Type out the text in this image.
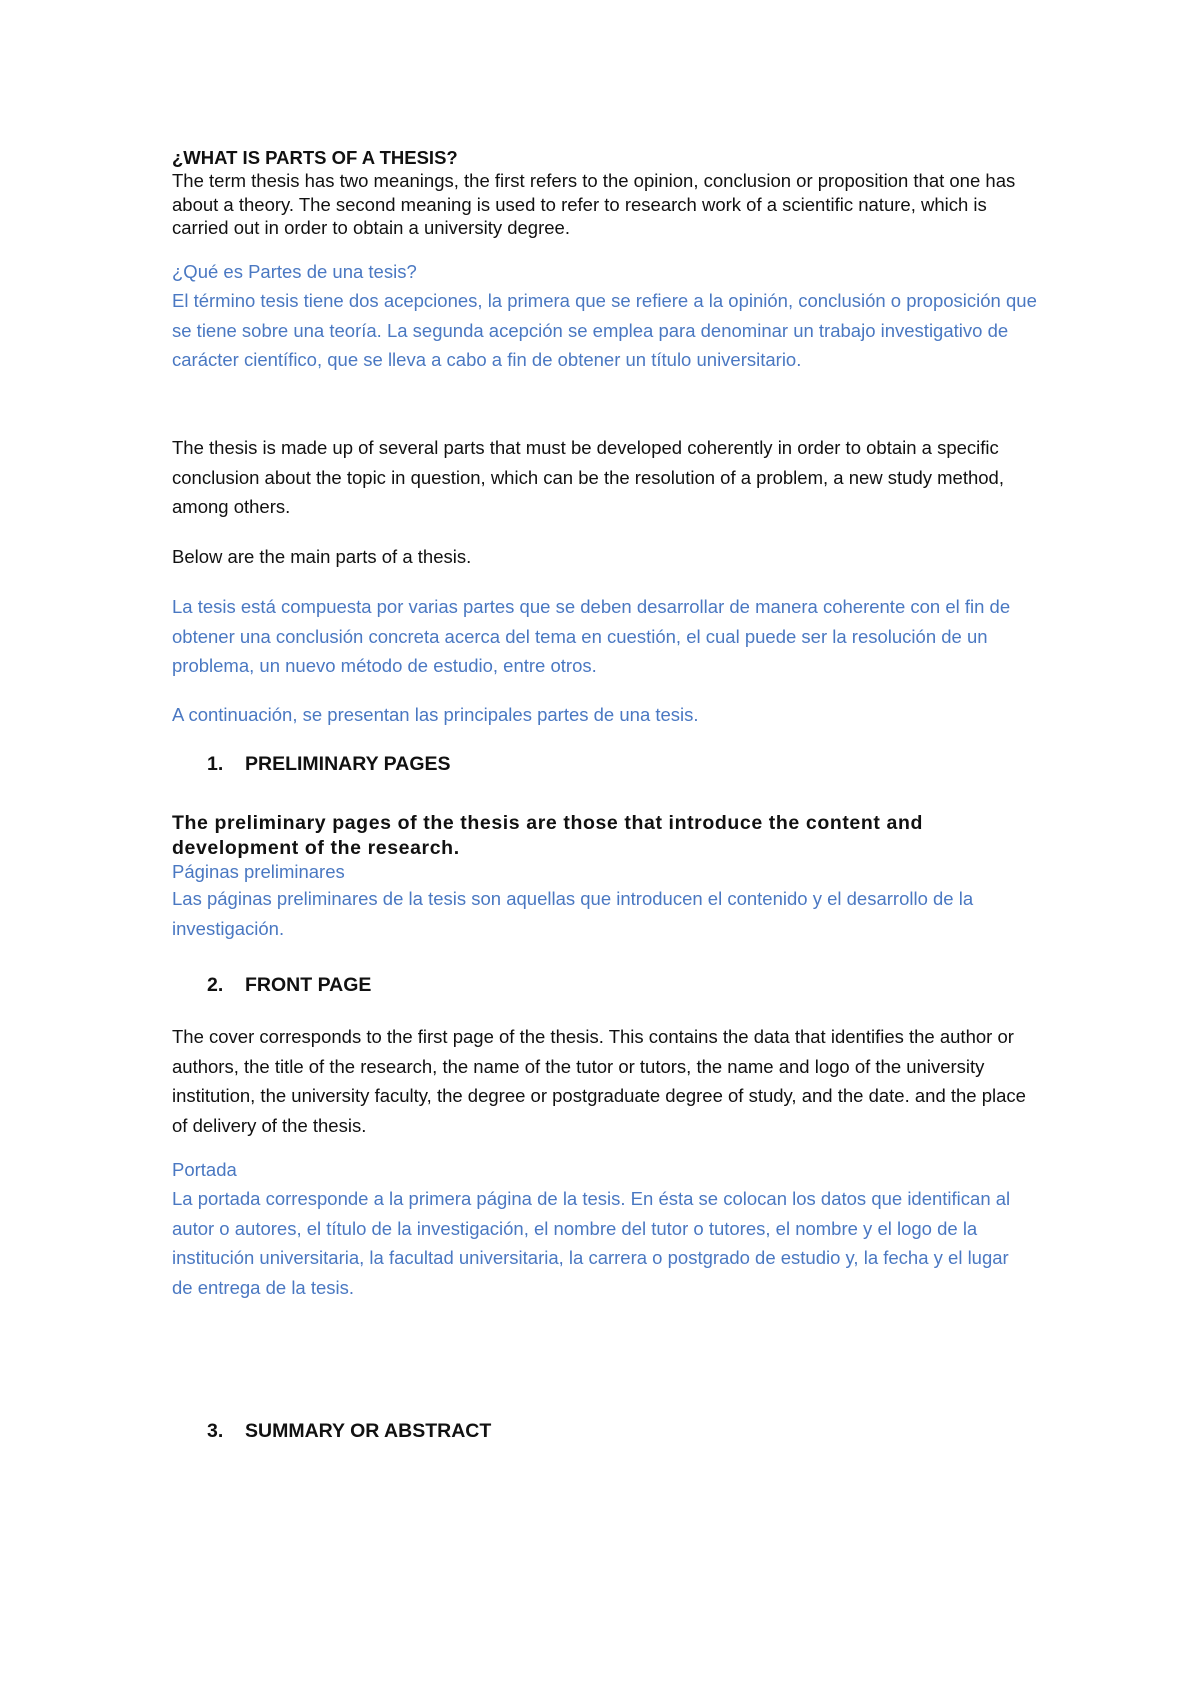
¿WHAT IS PARTS OF A THESIS?

The term thesis has two meanings, the first refers to the opinion, conclusion or proposition that one has about a theory. The second meaning is used to refer to research work of a scientific nature, which is carried out in order to obtain a university degree.

¿Qué es Partes de una tesis?

El término tesis tiene dos acepciones, la primera que se refiere a la opinión, conclusión o proposición que se tiene sobre una teoría. La segunda acepción se emplea para denominar un trabajo investigativo de carácter científico, que se lleva a cabo a fin de obtener un título universitario.

The thesis is made up of several parts that must be developed coherently in order to obtain a specific conclusion about the topic in question, which can be the resolution of a problem, a new study method, among others.

Below are the main parts of a thesis.

La tesis está compuesta por varias partes que se deben desarrollar de manera coherente con el fin de obtener una conclusión concreta acerca del tema en cuestión, el cual puede ser la resolución de un problema, un nuevo método de estudio, entre otros.

A continuación, se presentan las principales partes de una tesis.

1. PRELIMINARY PAGES

The preliminary pages of the thesis are those that introduce the content and development of the research.

Páginas preliminares

Las páginas preliminares de la tesis son aquellas que introducen el contenido y el desarrollo de la investigación.

2. FRONT PAGE

The cover corresponds to the first page of the thesis. This contains the data that identifies the author or authors, the title of the research, the name of the tutor or tutors, the name and logo of the university institution, the university faculty, the degree or postgraduate degree of study, and the date. and the place of delivery of the thesis.

Portada

La portada corresponde a la primera página de la tesis. En ésta se colocan los datos que identifican al autor o autores, el título de la investigación, el nombre del tutor o tutores, el nombre y el logo de la institución universitaria, la facultad universitaria, la carrera o postgrado de estudio y, la fecha y el lugar de entrega de la tesis.

3. SUMMARY OR ABSTRACT
